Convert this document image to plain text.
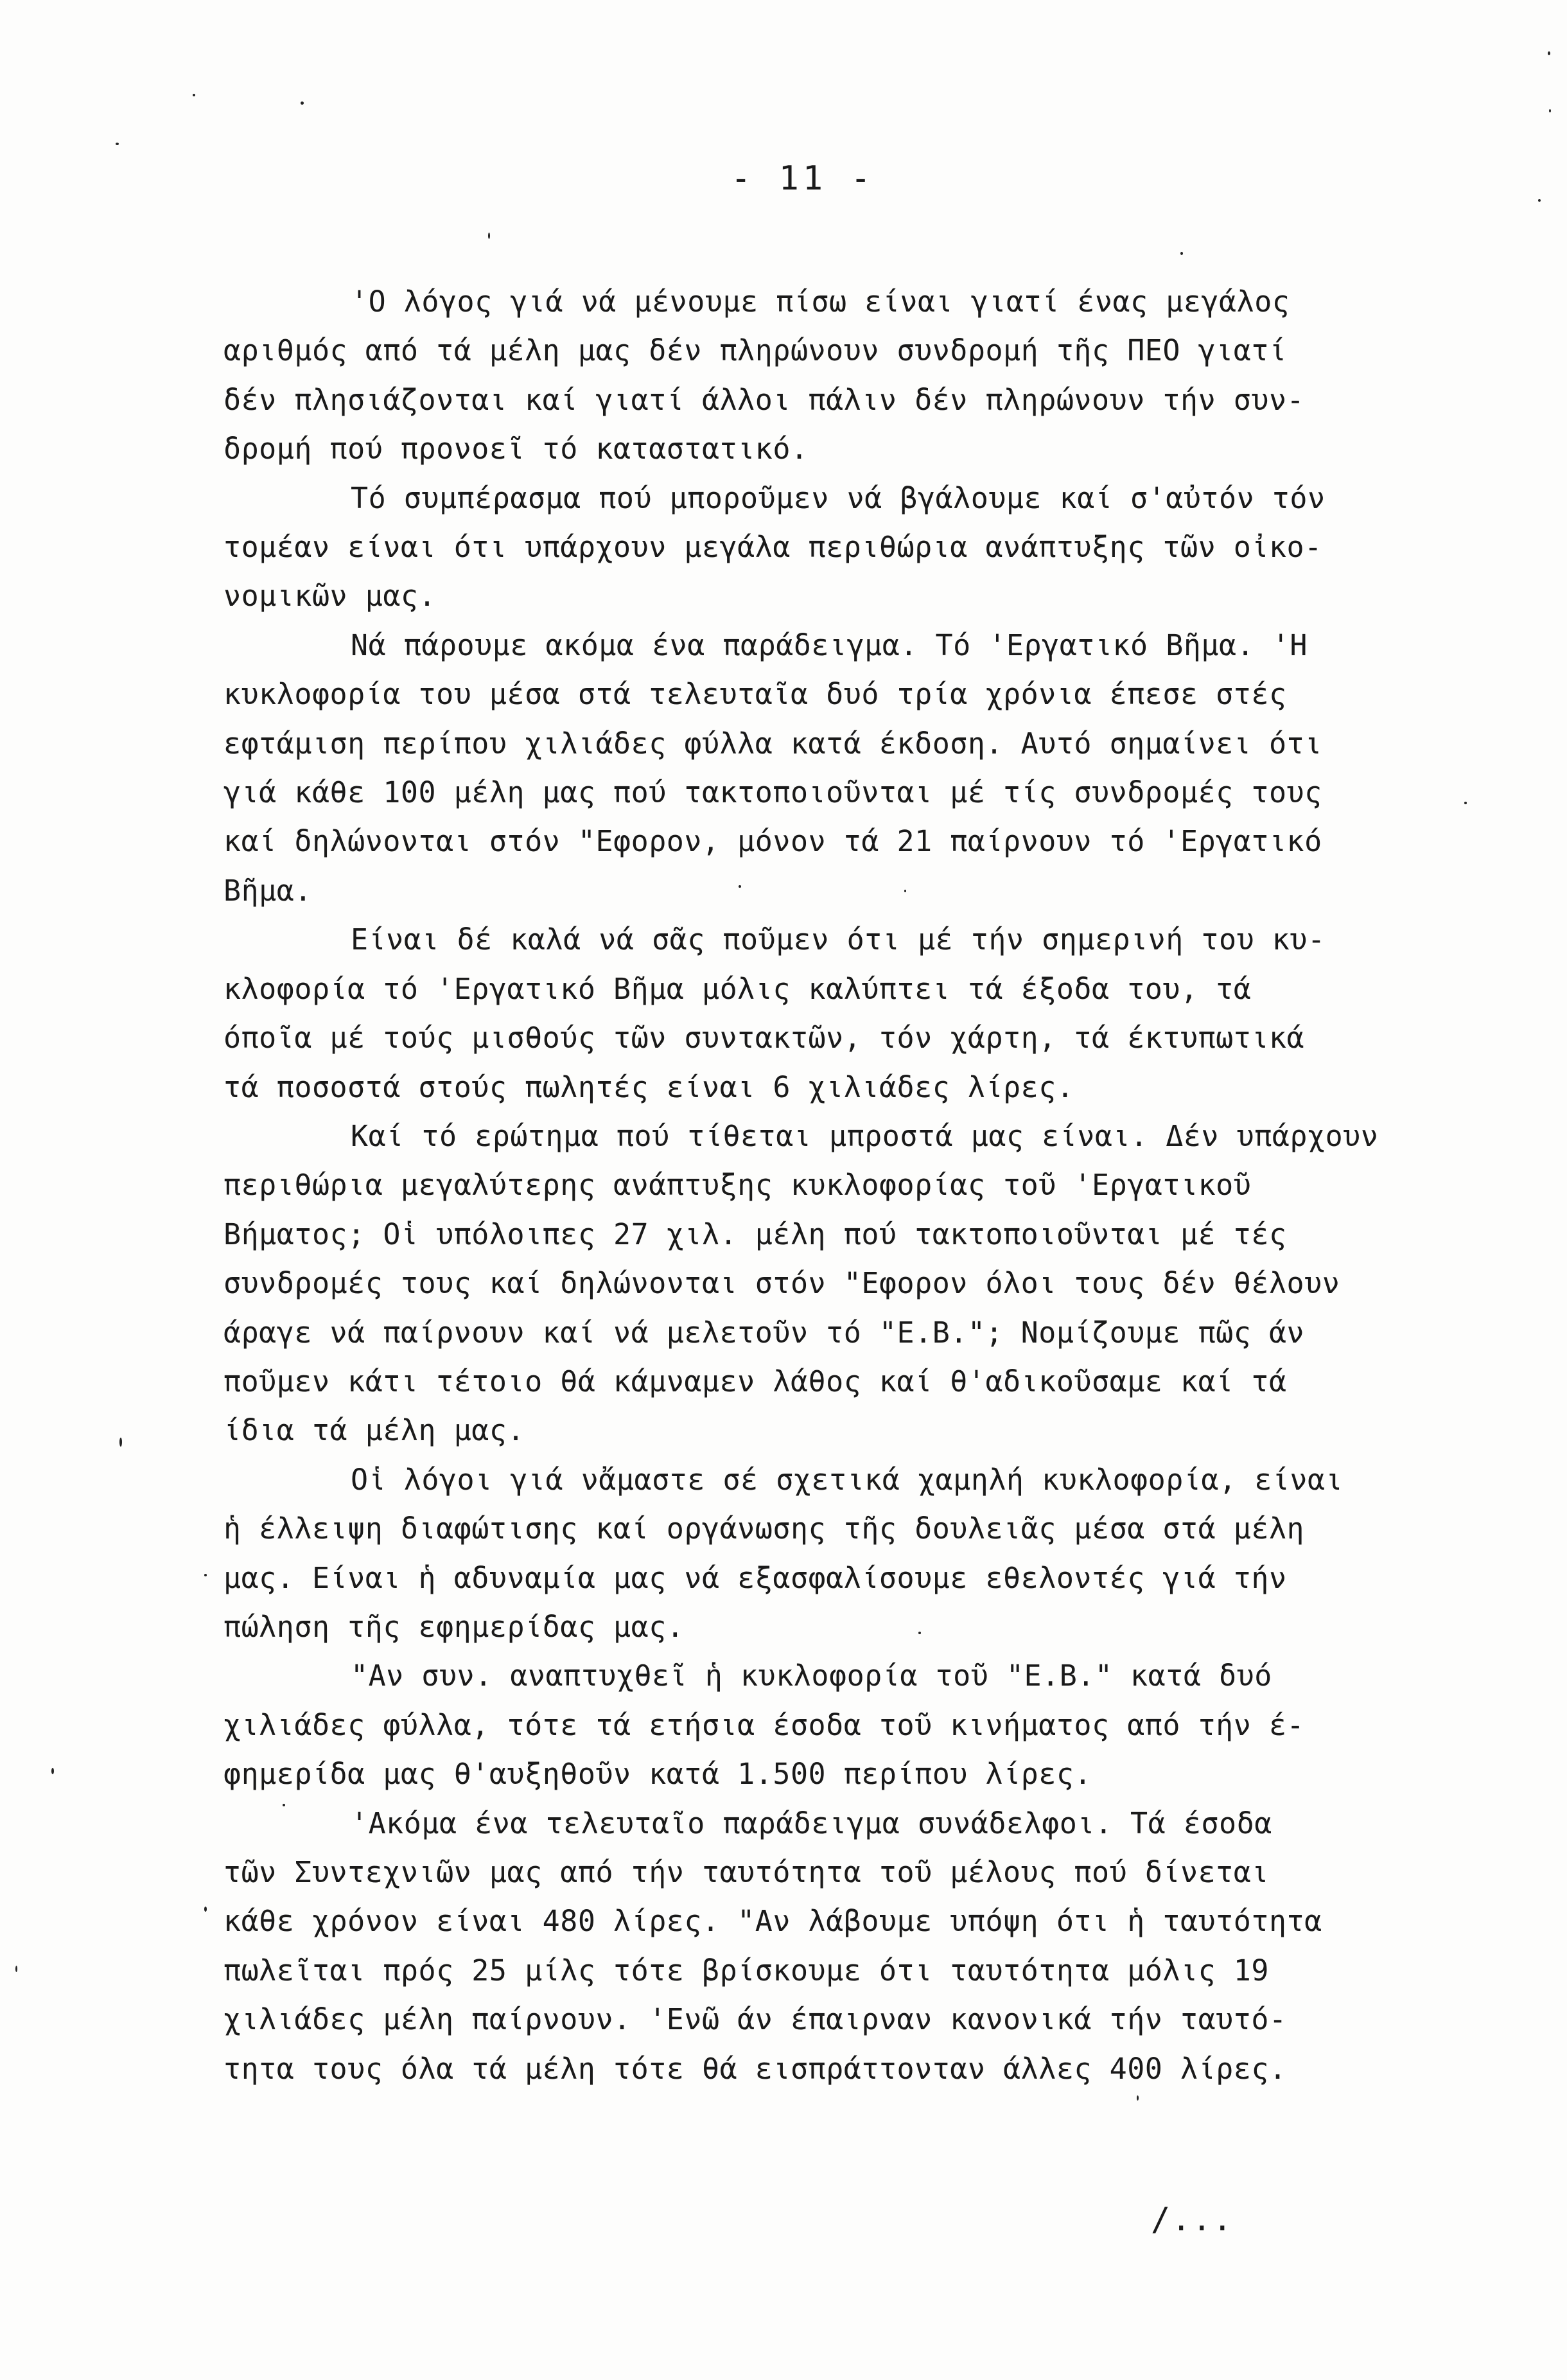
- 11 -
'Ο λόγος γιά νά μένουμε πίσω είναι γιατί ένας μεγάλος
αριθμός από τά μέλη μας δέν πληρώνουν συνδρομή τῆς ΠΕΟ γιατί
δέν πλησιάζονται καί γιατί άλλοι πάλιν δέν πληρώνουν τήν συν-
δρομή πού προνοεῖ τό καταστατικό.
Τό συμπέρασμα πού μποροῦμεν νά βγάλουμε καί σ'αὐτόν τόν
τομέαν είναι ότι υπάρχουν μεγάλα περιθώρια ανάπτυξης τῶν οἰκο-
νομικῶν μας.
Νά πάρουμε ακόμα ένα παράδειγμα. Τό 'Εργατικό Βῆμα. 'Η
κυκλοφορία του μέσα στά τελευταῖα δυό τρία χρόνια έπεσε στές
εφτάμιση περίπου χιλιάδες φύλλα κατά έκδοση. Αυτό σημαίνει ότι
γιά κάθε 100 μέλη μας πού τακτοποιοῦνται μέ τίς συνδρομές τους
καί δηλώνονται στόν "Εφορον, μόνον τά 21 παίρνουν τό 'Εργατικό
Βῆμα.
Είναι δέ καλά νά σᾶς ποῦμεν ότι μέ τήν σημερινή του κυ-
κλοφορία τό 'Εργατικό Βῆμα μόλις καλύπτει τά έξοδα του, τά
όποῖα μέ τούς μισθούς τῶν συντακτῶν, τόν χάρτη, τά έκτυπωτικά
τά ποσοστά στούς πωλητές είναι 6 χιλιάδες λίρες.
Καί τό ερώτημα πού τίθεται μπροστά μας είναι. Δέν υπάρχουν
περιθώρια μεγαλύτερης ανάπτυξης κυκλοφορίας τοῦ 'Εργατικοῦ
Βήματος; Οἱ υπόλοιπες 27 χιλ. μέλη πού τακτοποιοῦνται μέ τές
συνδρομές τους καί δηλώνονται στόν "Εφορον όλοι τους δέν θέλουν
άραγε νά παίρνουν καί νά μελετοῦν τό "Ε.Β."; Νομίζουμε πῶς άν
ποῦμεν κάτι τέτοιο θά κάμναμεν λάθος καί θ'αδικοῦσαμε καί τά
ίδια τά μέλη μας.
Οἱ λόγοι γιά νἄμαστε σέ σχετικά χαμηλή κυκλοφορία, είναι
ἡ έλλειψη διαφώτισης καί οργάνωσης τῆς δουλειᾶς μέσα στά μέλη
μας. Είναι ἡ αδυναμία μας νά εξασφαλίσουμε εθελοντές γιά τήν
πώληση τῆς εφημερίδας μας.
"Αν συν. αναπτυχθεῖ ἡ κυκλοφορία τοῦ "Ε.Β." κατά δυό
χιλιάδες φύλλα, τότε τά ετήσια έσοδα τοῦ κινήματος από τήν έ-
φημερίδα μας θ'αυξηθοῦν κατά 1.500 περίπου λίρες.
'Ακόμα ένα τελευταῖο παράδειγμα συνάδελφοι. Τά έσοδα
τῶν Συντεχνιῶν μας από τήν ταυτότητα τοῦ μέλους πού δίνεται
κάθε χρόνον είναι 480 λίρες. "Αν λάβουμε υπόψη ότι ἡ ταυτότητα
πωλεῖται πρός 25 μίλς τότε βρίσκουμε ότι ταυτότητα μόλις 19
χιλιάδες μέλη παίρνουν. 'Ενῶ άν έπαιρναν κανονικά τήν ταυτό-
τητα τους όλα τά μέλη τότε θά εισπράττονταν άλλες 400 λίρες.
/...
